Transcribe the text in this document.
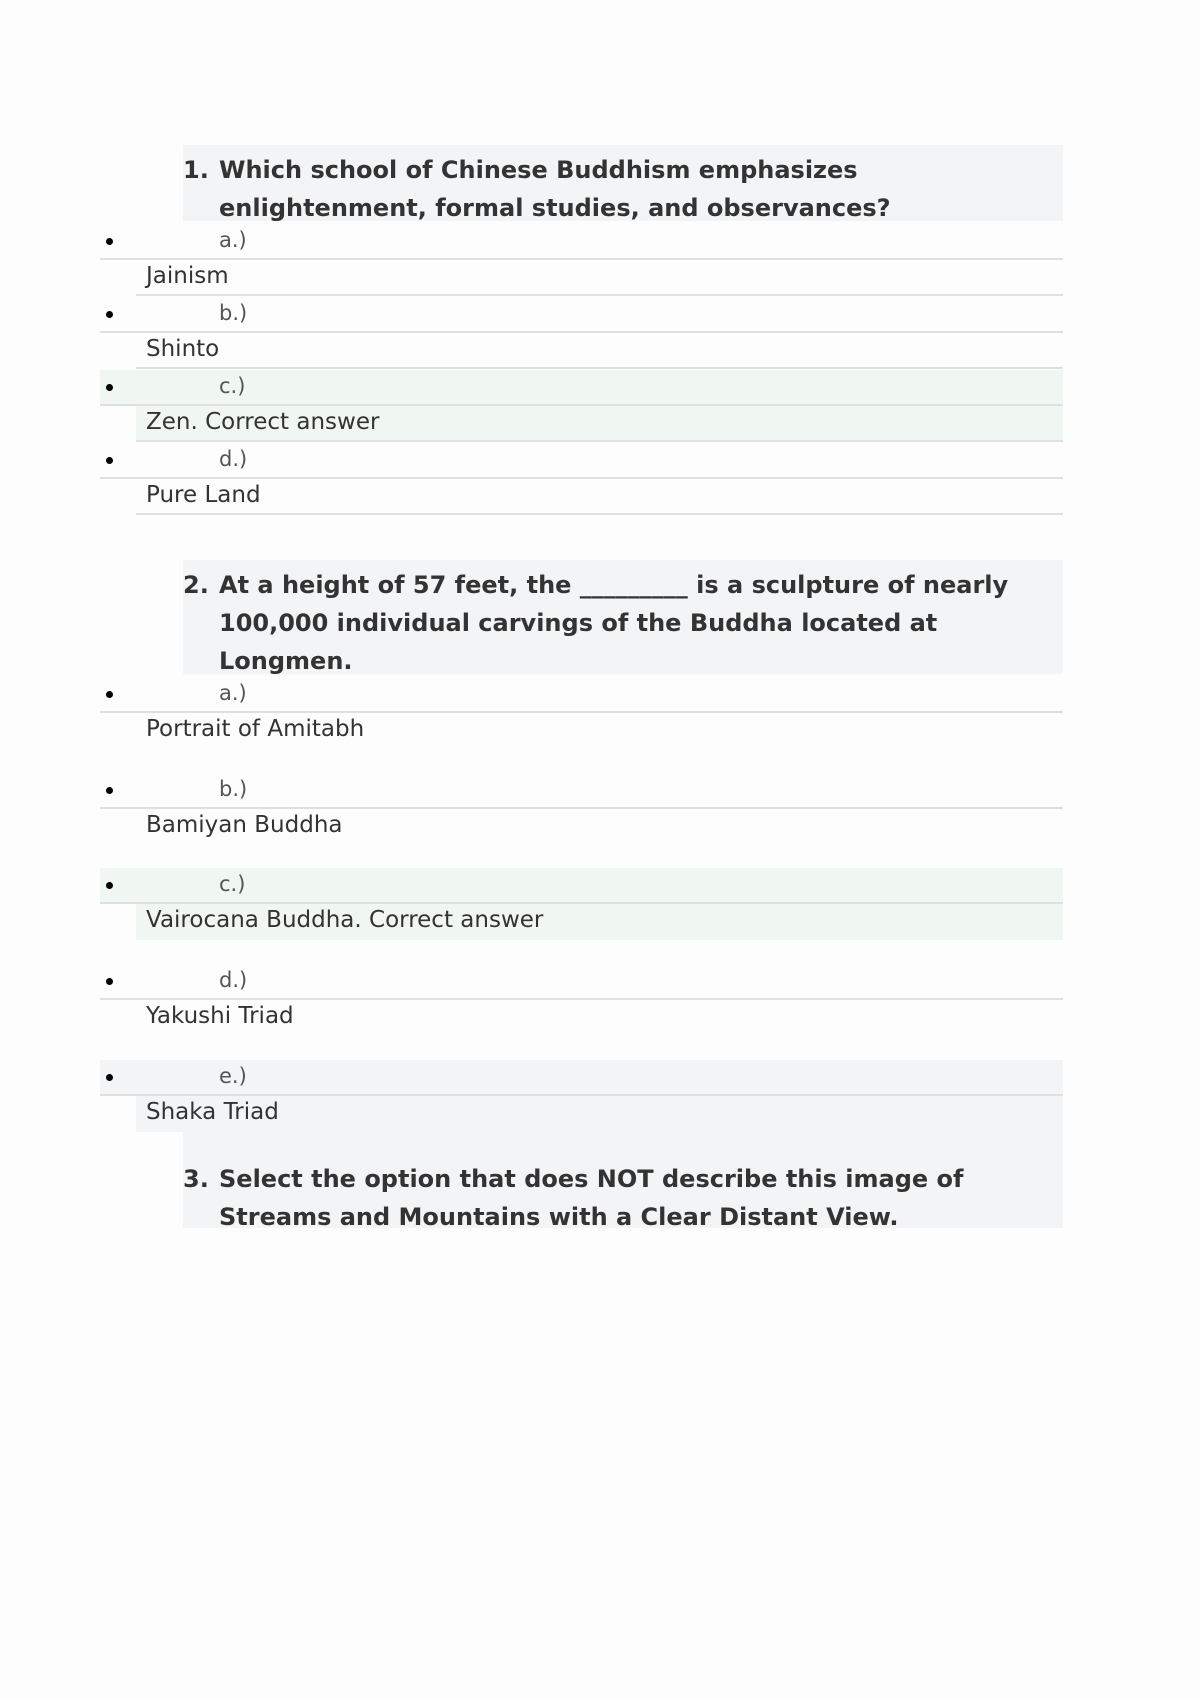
1. Which school of Chinese Buddhism emphasizes enlightenment, formal studies, and observances?
a.)
Jainism
b.)
Shinto
c.)
Zen. Correct answer
d.)
Pure Land
2. At a height of 57 feet, the _________ is a sculpture of nearly 100,000 individual carvings of the Buddha located at Longmen.
a.)
Portrait of Amitabh
b.)
Bamiyan Buddha
c.)
Vairocana Buddha. Correct answer
d.)
Yakushi Triad
e.)
Shaka Triad
3. Select the option that does NOT describe this image of Streams and Mountains with a Clear Distant View.
